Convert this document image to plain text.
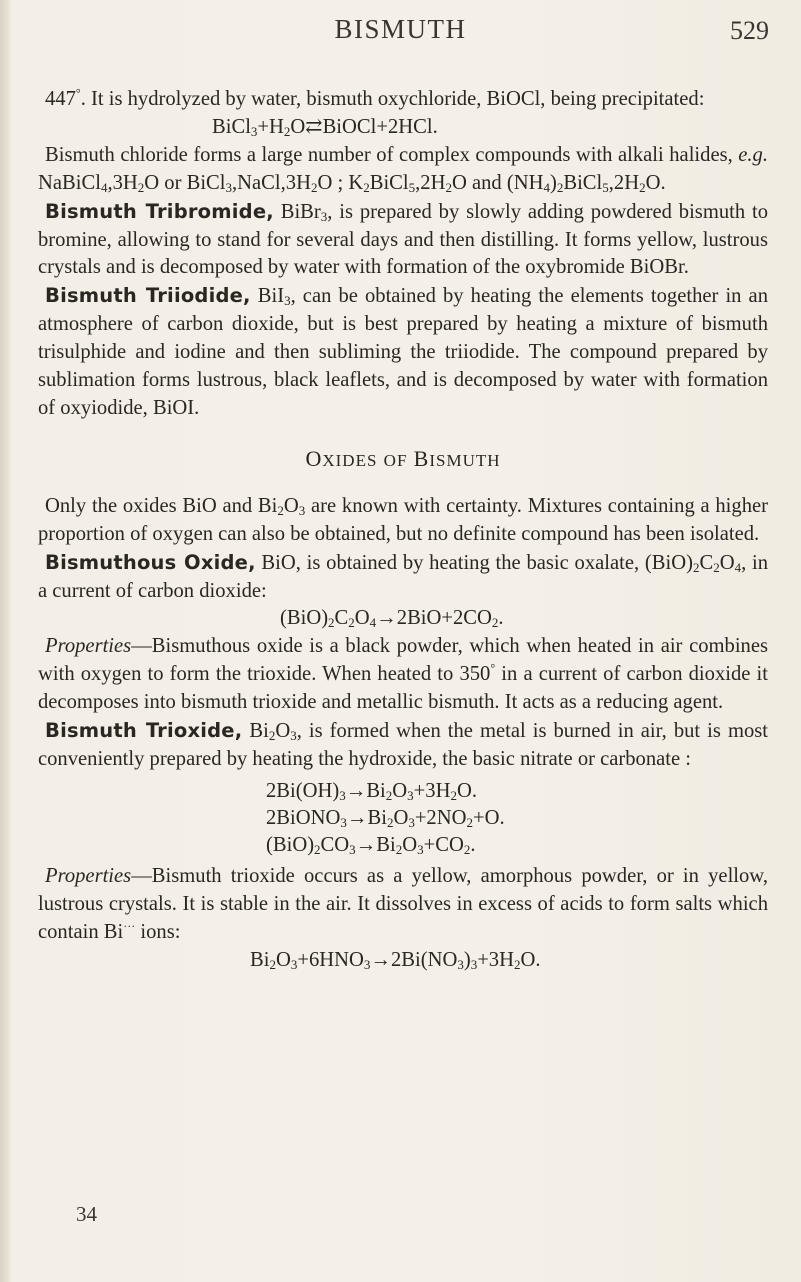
BISMUTH	529

447°. It is hydrolyzed by water, bismuth oxychloride, BiOCl, being precipitated:

$BiCl_3+H_2O⇄BiOCl+2HCl$.

Bismuth chloride forms a large number of complex compounds with alkali halides, e.g. $NaBiCl_4,3H_2O$ or $BiCl_3,NaCl,3H_2O$ ; $K_2BiCl_5,2H_2O$ and $(NH_4)_2BiCl_5,2H_2O$.

Bismuth Tribromide, BiBr$_3$, is prepared by slowly adding powdered bismuth to bromine, allowing to stand for several days and then distilling. It forms yellow, lustrous crystals and is decomposed by water with formation of the oxybromide BiOBr.

Bismuth Triiodide, BiI$_3$, can be obtained by heating the elements together in an atmosphere of carbon dioxide, but is best prepared by heating a mixture of bismuth trisulphide and iodine and then subliming the triiodide. The compound prepared by sublimation forms lustrous, black leaflets, and is decomposed by water with formation of oxyiodide, BiOI.

OXIDES OF BISMUTH

Only the oxides BiO and $Bi_2O_3$ are known with certainty. Mixtures containing a higher proportion of oxygen can also be obtained, but no definite compound has been isolated.

Bismuthous Oxide, BiO, is obtained by heating the basic oxalate, $(BiO)_2C_2O_4$, in a current of carbon dioxide:

$(BiO)_2C_2O_4\to 2BiO+2CO_2$.

Properties—Bismuthous oxide is a black powder, which when heated in air combines with oxygen to form the trioxide. When heated to 350° in a current of carbon dioxide it decomposes into bismuth trioxide and metallic bismuth. It acts as a reducing agent.

Bismuth Trioxide, $Bi_2O_3$, is formed when the metal is burned in air, but is most conveniently prepared by heating the hydroxide, the basic nitrate or carbonate :

$2Bi(OH)_3\to Bi_2O_3+3H_2O$.

$2BiONO_3\to Bi_2O_3+2NO_2+O$.

$(BiO)_2CO_3\to Bi_2O_3+CO_2$.

Properties—Bismuth trioxide occurs as a yellow, amorphous powder, or in yellow, lustrous crystals. It is stable in the air. It dissolves in excess of acids to form salts which contain Bi··· ions:

$Bi_2O_3+6HNO_3\to 2Bi(NO_3)_3+3H_2O$.

34
